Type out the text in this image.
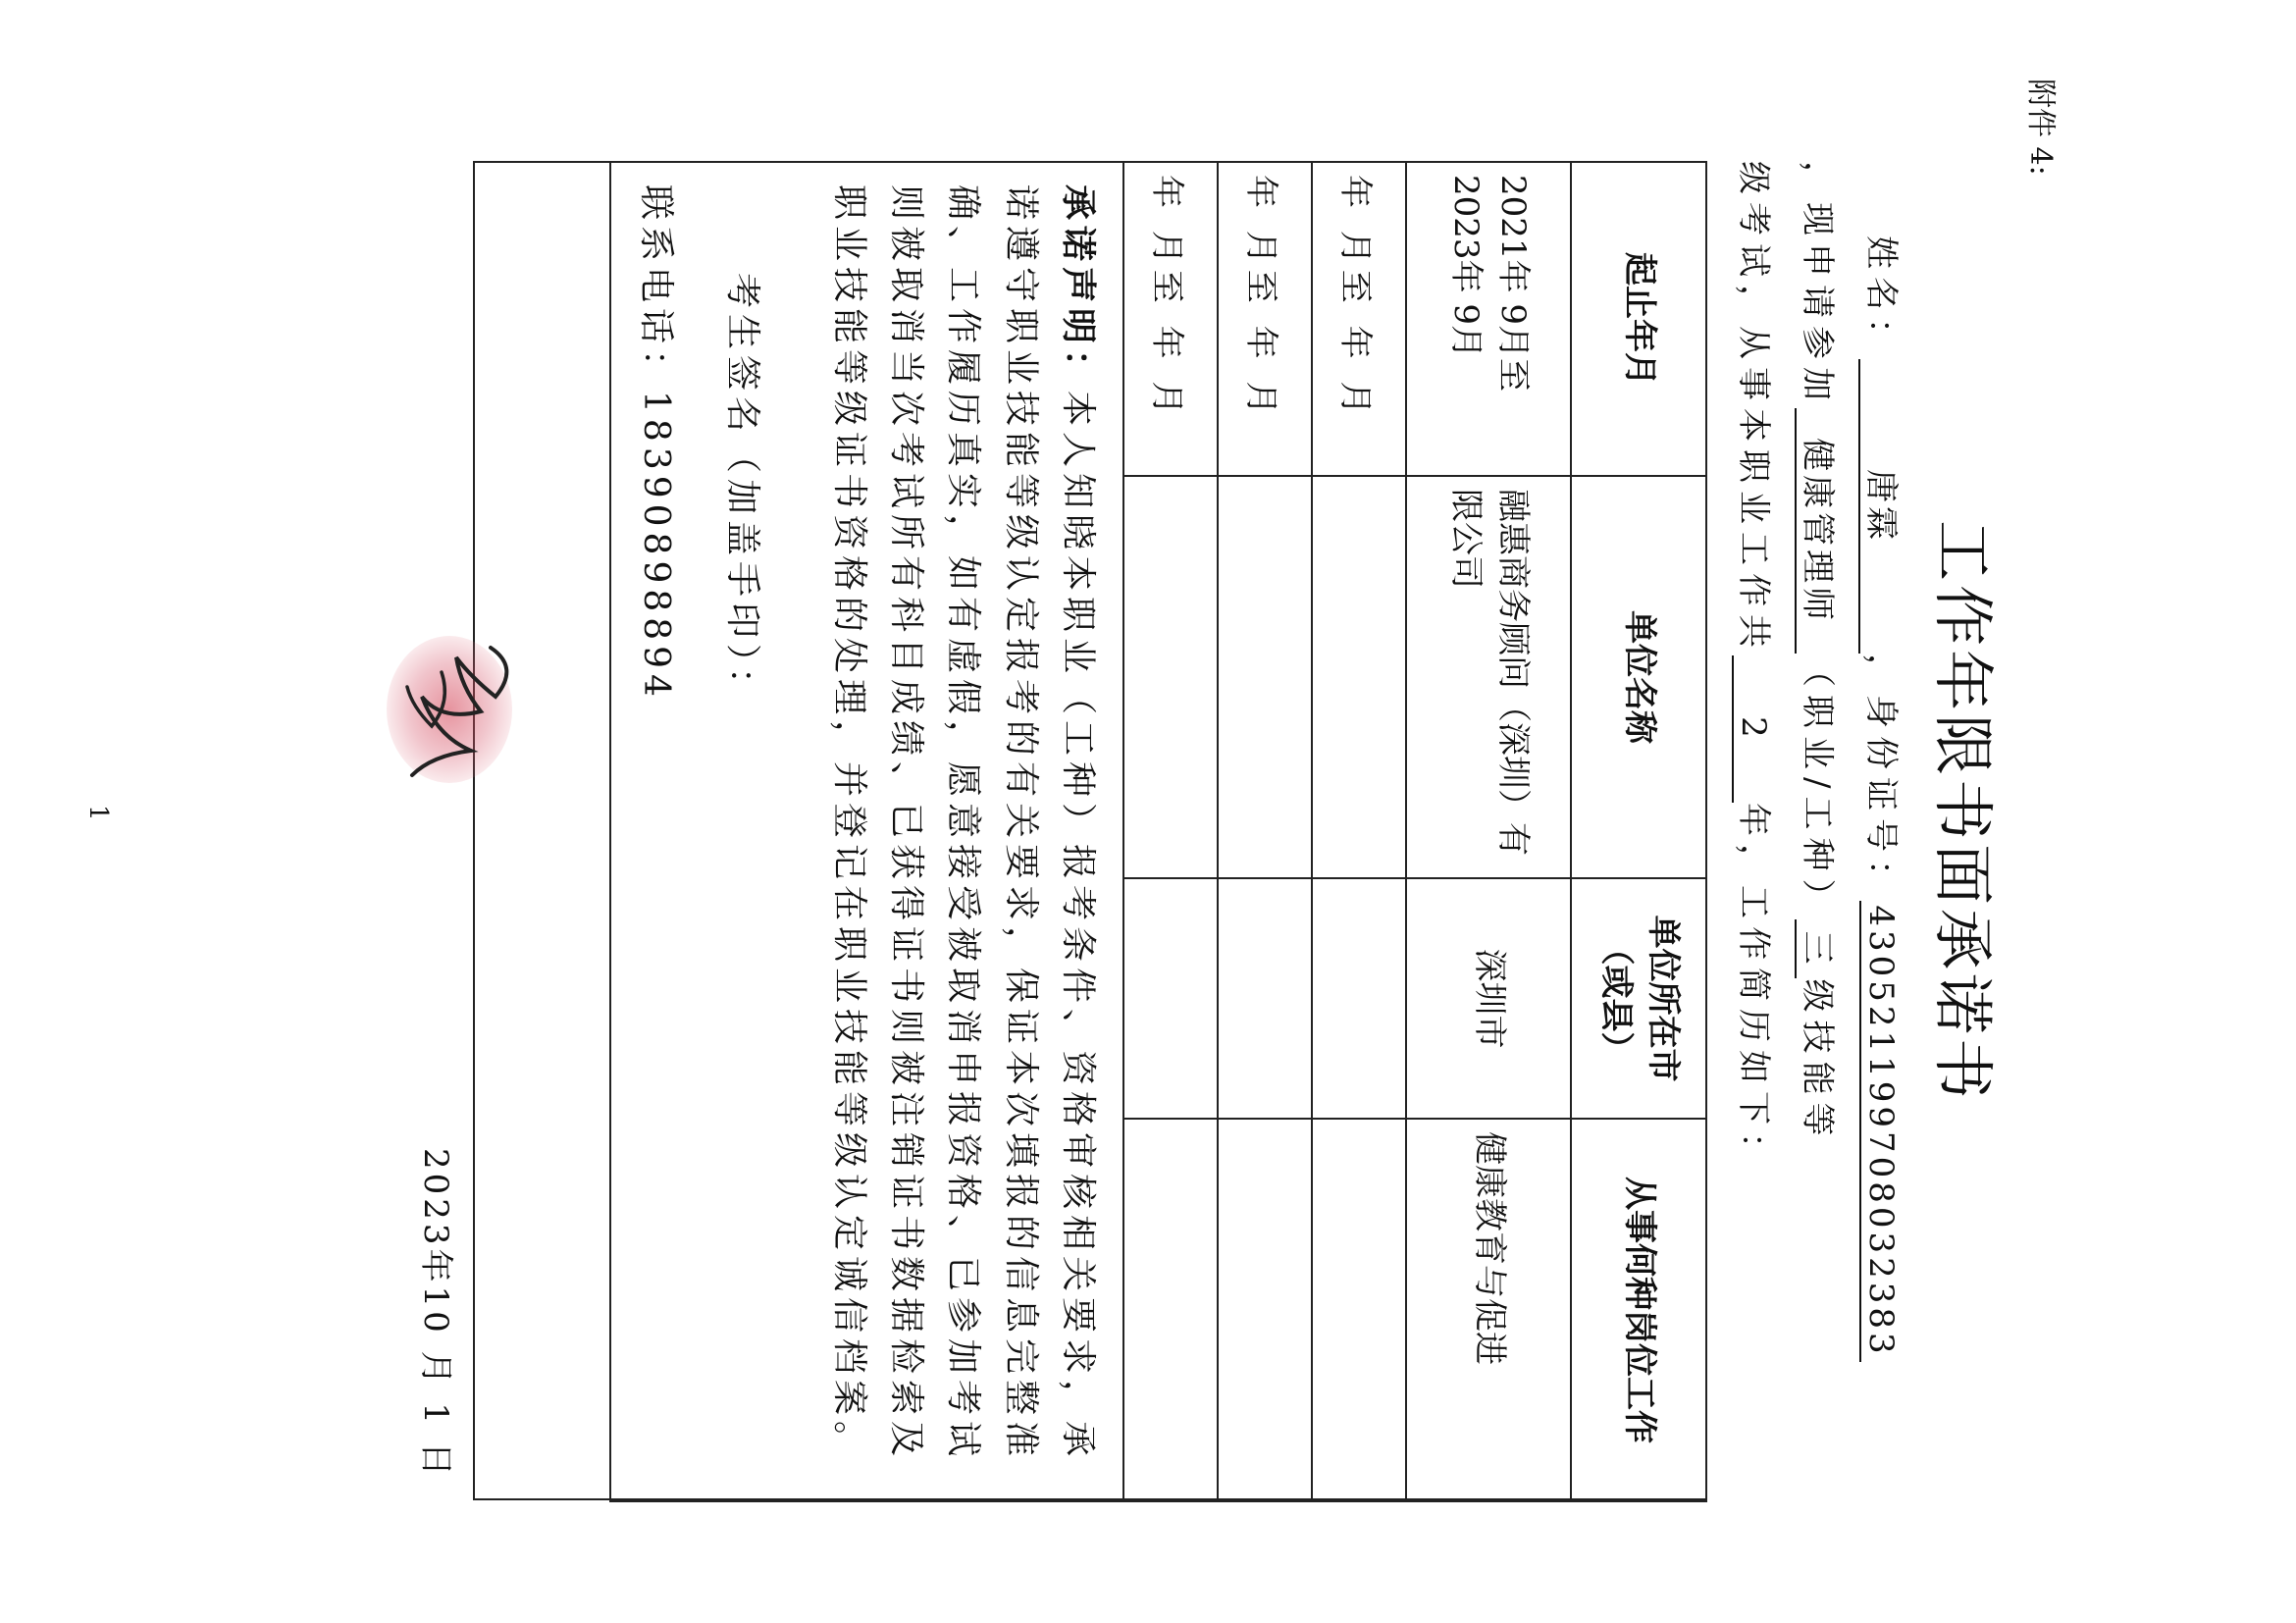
附件 4:
工作年限书面承诺书
姓名：唐霖，身份证号：430521199708032383
，现申请参加健康管理师（职业/工种）三级技能等
级考试，从事本职业工作共2年，工作简历如下：
起止年月	单位名称	单位所在市（或县）	从事何种岗位工作
2021年 9月至2023年 9月	融惠商务顾问（深圳）有限公司	深圳市	健康教育与促进
年 月至 年 月			
年 月至 年 月			
年 月至 年 月			
承诺声明：本人知晓本职业（工种）报考条件、资格审核相关要求，承诺遵守职业技能等级认定报考的有关要求，保证本次填报的信息完整准确、工作履历真实，如有虚假，愿意接受被取消申报资格、已参加考试则被取消当次考试所有科目成绩、已获得证书则被注销证书数据检索及职业技能等级证书资格的处理，并登记在职业技能等级认定诚信档案。
考生签名（加盖手印）：
联系电话：18390898894			
2023年10 月 1 日
1
